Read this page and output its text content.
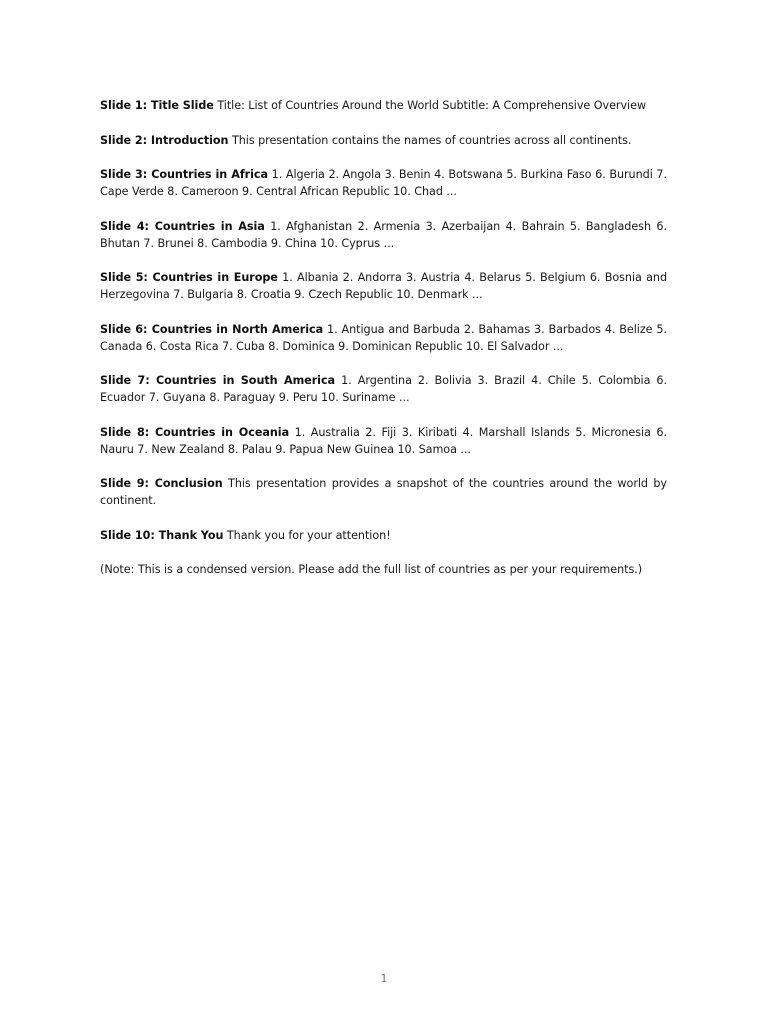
Slide 1: Title Slide Title: List of Countries Around the World Subtitle: A Comprehensive Overview

Slide 2: Introduction This presentation contains the names of countries across all continents.

Slide 3: Countries in Africa 1. Algeria 2. Angola 3. Benin 4. Botswana 5. Burkina Faso 6. Burundi 7. Cape Verde 8. Cameroon 9. Central African Republic 10. Chad ...

Slide 4: Countries in Asia 1. Afghanistan 2. Armenia 3. Azerbaijan 4. Bahrain 5. Bangladesh 6. Bhutan 7. Brunei 8. Cambodia 9. China 10. Cyprus ...

Slide 5: Countries in Europe 1. Albania 2. Andorra 3. Austria 4. Belarus 5. Belgium 6. Bosnia and Herzegovina 7. Bulgaria 8. Croatia 9. Czech Republic 10. Denmark ...

Slide 6: Countries in North America 1. Antigua and Barbuda 2. Bahamas 3. Barbados 4. Belize 5. Canada 6. Costa Rica 7. Cuba 8. Dominica 9. Dominican Republic 10. El Salvador ...

Slide 7: Countries in South America 1. Argentina 2. Bolivia 3. Brazil 4. Chile 5. Colombia 6. Ecuador 7. Guyana 8. Paraguay 9. Peru 10. Suriname ...

Slide 8: Countries in Oceania 1. Australia 2. Fiji 3. Kiribati 4. Marshall Islands 5. Micronesia 6. Nauru 7. New Zealand 8. Palau 9. Papua New Guinea 10. Samoa ...

Slide 9: Conclusion This presentation provides a snapshot of the countries around the world by continent.

Slide 10: Thank You Thank you for your attention!

(Note: This is a condensed version. Please add the full list of countries as per your requirements.)

1
